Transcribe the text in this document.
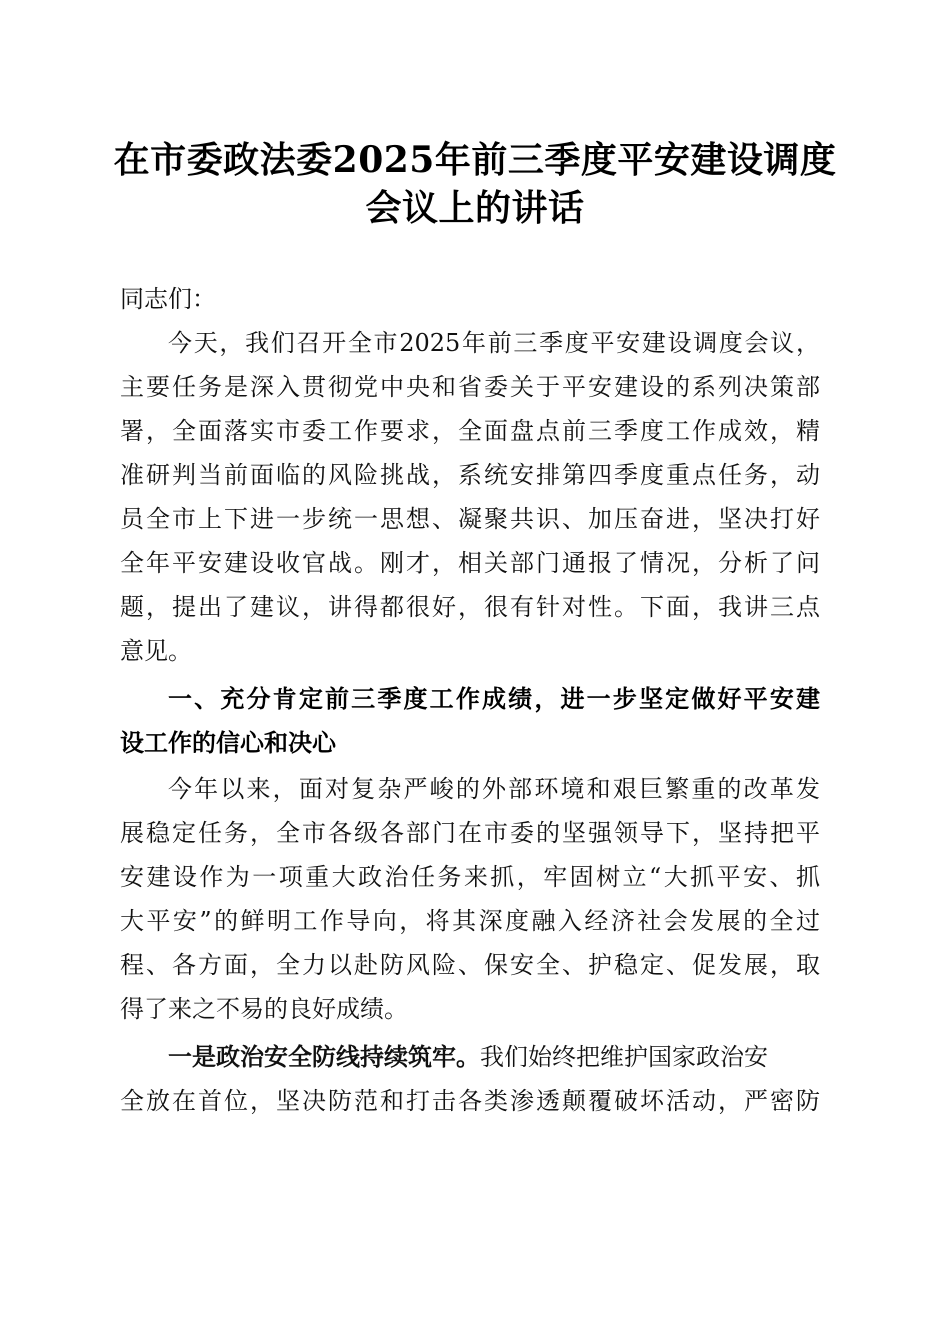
在市委政法委2025年前三季度平安建设调度
会议上的讲话
同志们：
今天，我们召开全市2025年前三季度平安建设调度会议，
主要任务是深入贯彻党中央和省委关于平安建设的系列决策部
署，全面落实市委工作要求，全面盘点前三季度工作成效，精
准研判当前面临的风险挑战，系统安排第四季度重点任务，动
员全市上下进一步统一思想、凝聚共识、加压奋进，坚决打好
全年平安建设收官战。刚才，相关部门通报了情况，分析了问
题，提出了建议，讲得都很好，很有针对性。下面，我讲三点
意见。
一、充分肯定前三季度工作成绩，进一步坚定做好平安建
设工作的信心和决心
今年以来，面对复杂严峻的外部环境和艰巨繁重的改革发
展稳定任务，全市各级各部门在市委的坚强领导下，坚持把平
安建设作为一项重大政治任务来抓，牢固树立“大抓平安、抓
大平安”的鲜明工作导向，将其深度融入经济社会发展的全过
程、各方面，全力以赴防风险、保安全、护稳定、促发展，取
得了来之不易的良好成绩。
一是政治安全防线持续筑牢。我们始终把维护国家政治安
全放在首位，坚决防范和打击各类渗透颠覆破坏活动，严密防
